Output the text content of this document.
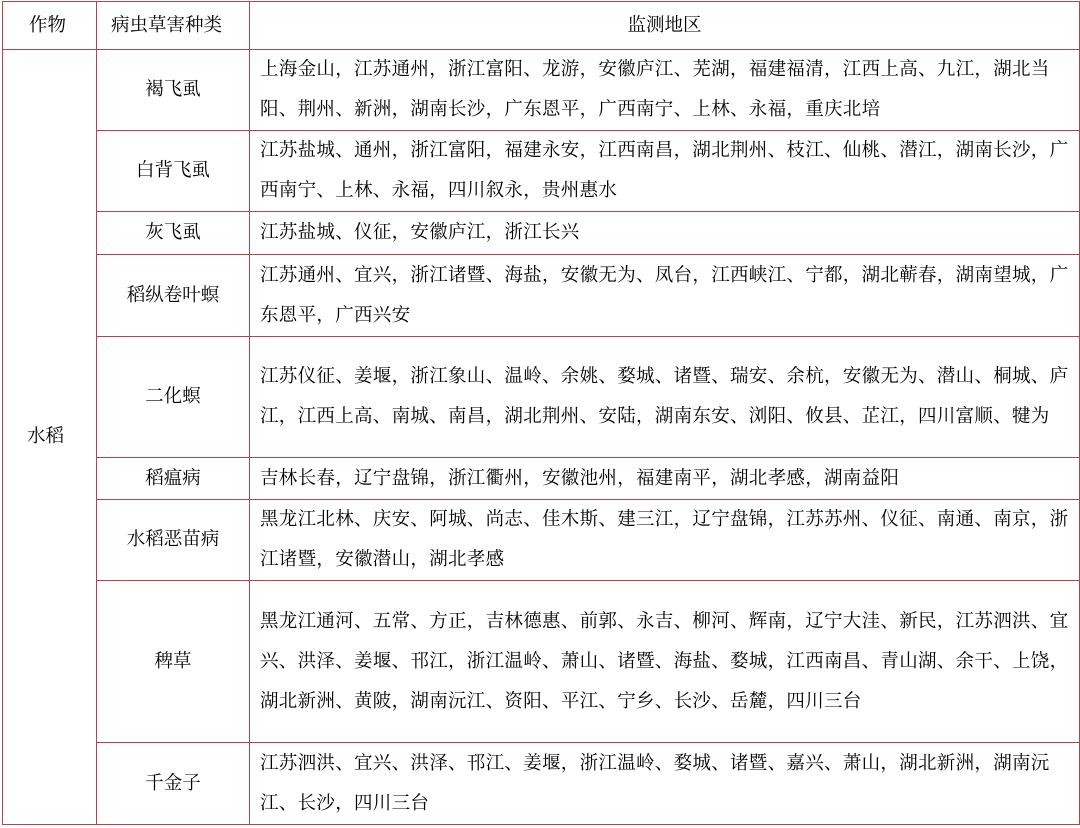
作物	病虫草害种类	监测地区
水稻	褐飞虱	上海金山，江苏通州，浙江富阳、龙游，安徽庐江、芜湖，福建福清，江西上高、九江，湖北当阳、荆州、新洲，湖南长沙，广东恩平，广西南宁、上林、永福，重庆北培
	白背飞虱	江苏盐城、通州，浙江富阳，福建永安，江西南昌，湖北荆州、枝江、仙桃、潜江，湖南长沙，广西南宁、上林、永福，四川叙永，贵州惠水
	灰飞虱	江苏盐城、仪征，安徽庐江，浙江长兴
	稻纵卷叶螟	江苏通州、宜兴，浙江诸暨、海盐，安徽无为、凤台，江西峡江、宁都，湖北蕲春，湖南望城，广东恩平，广西兴安
	二化螟	江苏仪征、姜堰，浙江象山、温岭、余姚、婺城、诸暨、瑞安、余杭，安徽无为、潜山、桐城、庐江，江西上高、南城、南昌，湖北荆州、安陆，湖南东安、浏阳、攸县、芷江，四川富顺、犍为
	稻瘟病	吉林长春，辽宁盘锦，浙江衢州，安徽池州，福建南平，湖北孝感，湖南益阳
	水稻恶苗病	黑龙江北林、庆安、阿城、尚志、佳木斯、建三江，辽宁盘锦，江苏苏州、仪征、南通、南京，浙江诸暨，安徽潜山，湖北孝感
	稗草	黑龙江通河、五常、方正，吉林德惠、前郭、永吉、柳河、辉南，辽宁大洼、新民，江苏泗洪、宜兴、洪泽、姜堰、邗江，浙江温岭、萧山、诸暨、海盐、婺城，江西南昌、青山湖、余干、上饶，湖北新洲、黄陂，湖南沅江、资阳、平江、宁乡、长沙、岳麓，四川三台
	千金子	江苏泗洪、宜兴、洪泽、邗江、姜堰，浙江温岭、婺城、诸暨、嘉兴、萧山，湖北新洲，湖南沅江、长沙，四川三台
